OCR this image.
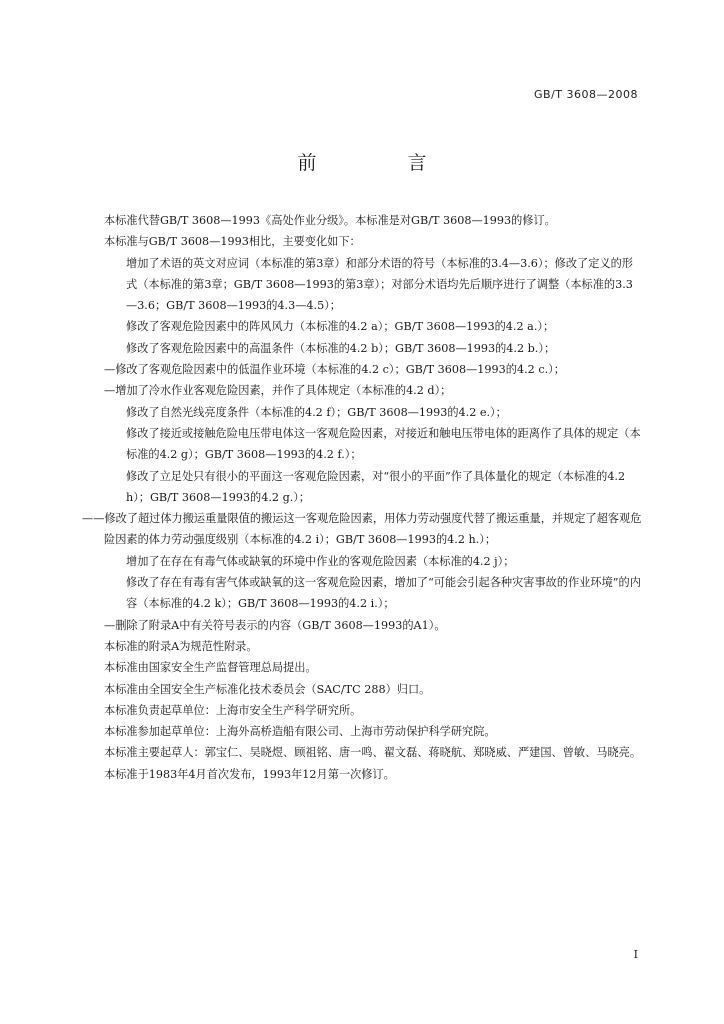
GB/T 3608—2008
前　言

本标准代替GB/T 3608—1993《高处作业分级》。本标准是对GB/T 3608—1993的修订。

本标准与GB/T 3608—1993相比，主要变化如下：

增加了术语的英文对应词（本标准的第3章）和部分术语的符号（本标准的3.4—3.6）；修改了定义的形式（本标准的第3章；GB/T 3608—1993的第3章）；对部分术语均先后顺序进行了调整（本标准的3.3—3.6；GB/T 3608—1993的4.3—4.5）；

修改了客观危险因素中的阵风风力（本标准的4.2 a）；GB/T 3608—1993的4.2 a.）；

修改了客观危险因素中的高温条件（本标准的4.2 b）；GB/T 3608—1993的4.2 b.）；

—修改了客观危险因素中的低温作业环境（本标准的4.2 c）；GB/T 3608—1993的4.2 c.）；

—增加了冷水作业客观危险因素，并作了具体规定（本标准的4.2 d）；

修改了自然光线亮度条件（本标准的4.2 f）；GB/T 3608—1993的4.2 e.）；

修改了接近或接触危险电压带电体这一客观危险因素，对接近和触电压带电体的距离作了具体的规定（本标准的4.2 g）；GB/T 3608—1993的4.2 f.）；

修改了立足处只有很小的平面这一客观危险因素，对“很小的平面”作了具体量化的规定（本标准的4.2 h）；GB/T 3608—1993的4.2 g.）；

——修改了超过体力搬运重量限值的搬运这一客观危险因素，用体力劳动强度代替了搬运重量，并规定了超客观危险因素的体力劳动强度级别（本标准的4.2 i）；GB/T 3608—1993的4.2 h.）；

增加了在存在有毒气体或缺氧的环境中作业的客观危险因素（本标准的4.2 j）；

修改了存在有毒有害气体或缺氧的这一客观危险因素，增加了“可能会引起各种灾害事故的作业环境”的内容（本标准的4.2 k）；GB/T 3608—1993的4.2 i.）；

—删除了附录A中有关符号表示的内容（GB/T 3608—1993的A1）。

本标准的附录A为规范性附录。

本标准由国家安全生产监督管理总局提出。

本标准由全国安全生产标准化技术委员会（SAC/TC 288）归口。

本标准负责起草单位：上海市安全生产科学研究所。

本标准参加起草单位：上海外高桥造船有限公司、上海市劳动保护科学研究院。

本标准主要起草人：郭宝仁、吴晓煜、顾祖铭、唐一鸣、翟文磊、蒋晓航、郑晓威、严建国、曾敏、马晓亮。

本标准于1983年4月首次发布，1993年12月第一次修订。

I
